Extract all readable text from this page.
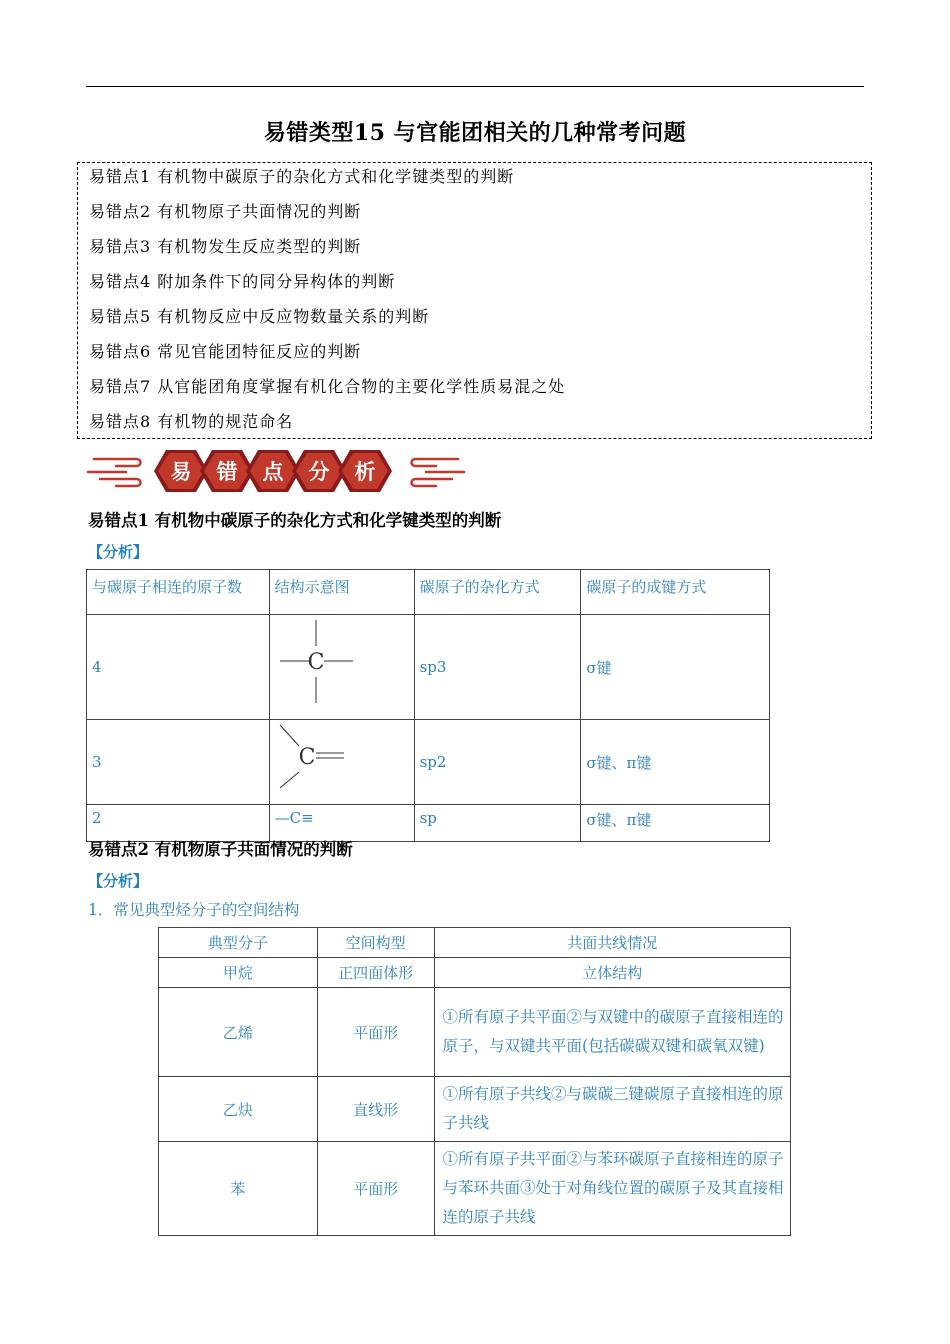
易错类型15 与官能团相关的几种常考问题
易错点1 有机物中碳原子的杂化方式和化学键类型的判断
易错点2 有机物原子共面情况的判断
易错点3 有机物发生反应类型的判断
易错点4 附加条件下的同分异构体的判断
易错点5 有机物反应中反应物数量关系的判断
易错点6 常见官能团特征反应的判断
易错点7 从官能团角度掌握有机化合物的主要化学性质易混之处
易错点8 有机物的规范命名
易 错 点 分 析
易错点1 有机物中碳原子的杂化方式和化学键类型的判断
【分析】
与碳原子相连的原子数	结构示意图	碳原子的杂化方式	碳原子的成键方式
4	C	sp3	σ键
3	C	sp2	σ键、π键
2	—C≡	sp	σ键、π键
易错点2 有机物原子共面情况的判断
【分析】
1．常见典型烃分子的空间结构
典型分子	空间构型	共面共线情况
甲烷	正四面体形	立体结构
乙烯	平面形	①所有原子共平面②与双键中的碳原子直接相连的原子，与双键共平面(包括碳碳双键和碳氧双键)
乙炔	直线形	①所有原子共线②与碳碳三键碳原子直接相连的原子共线
苯	平面形	①所有原子共平面②与苯环碳原子直接相连的原子与苯环共面③处于对角线位置的碳原子及其直接相连的原子共线
